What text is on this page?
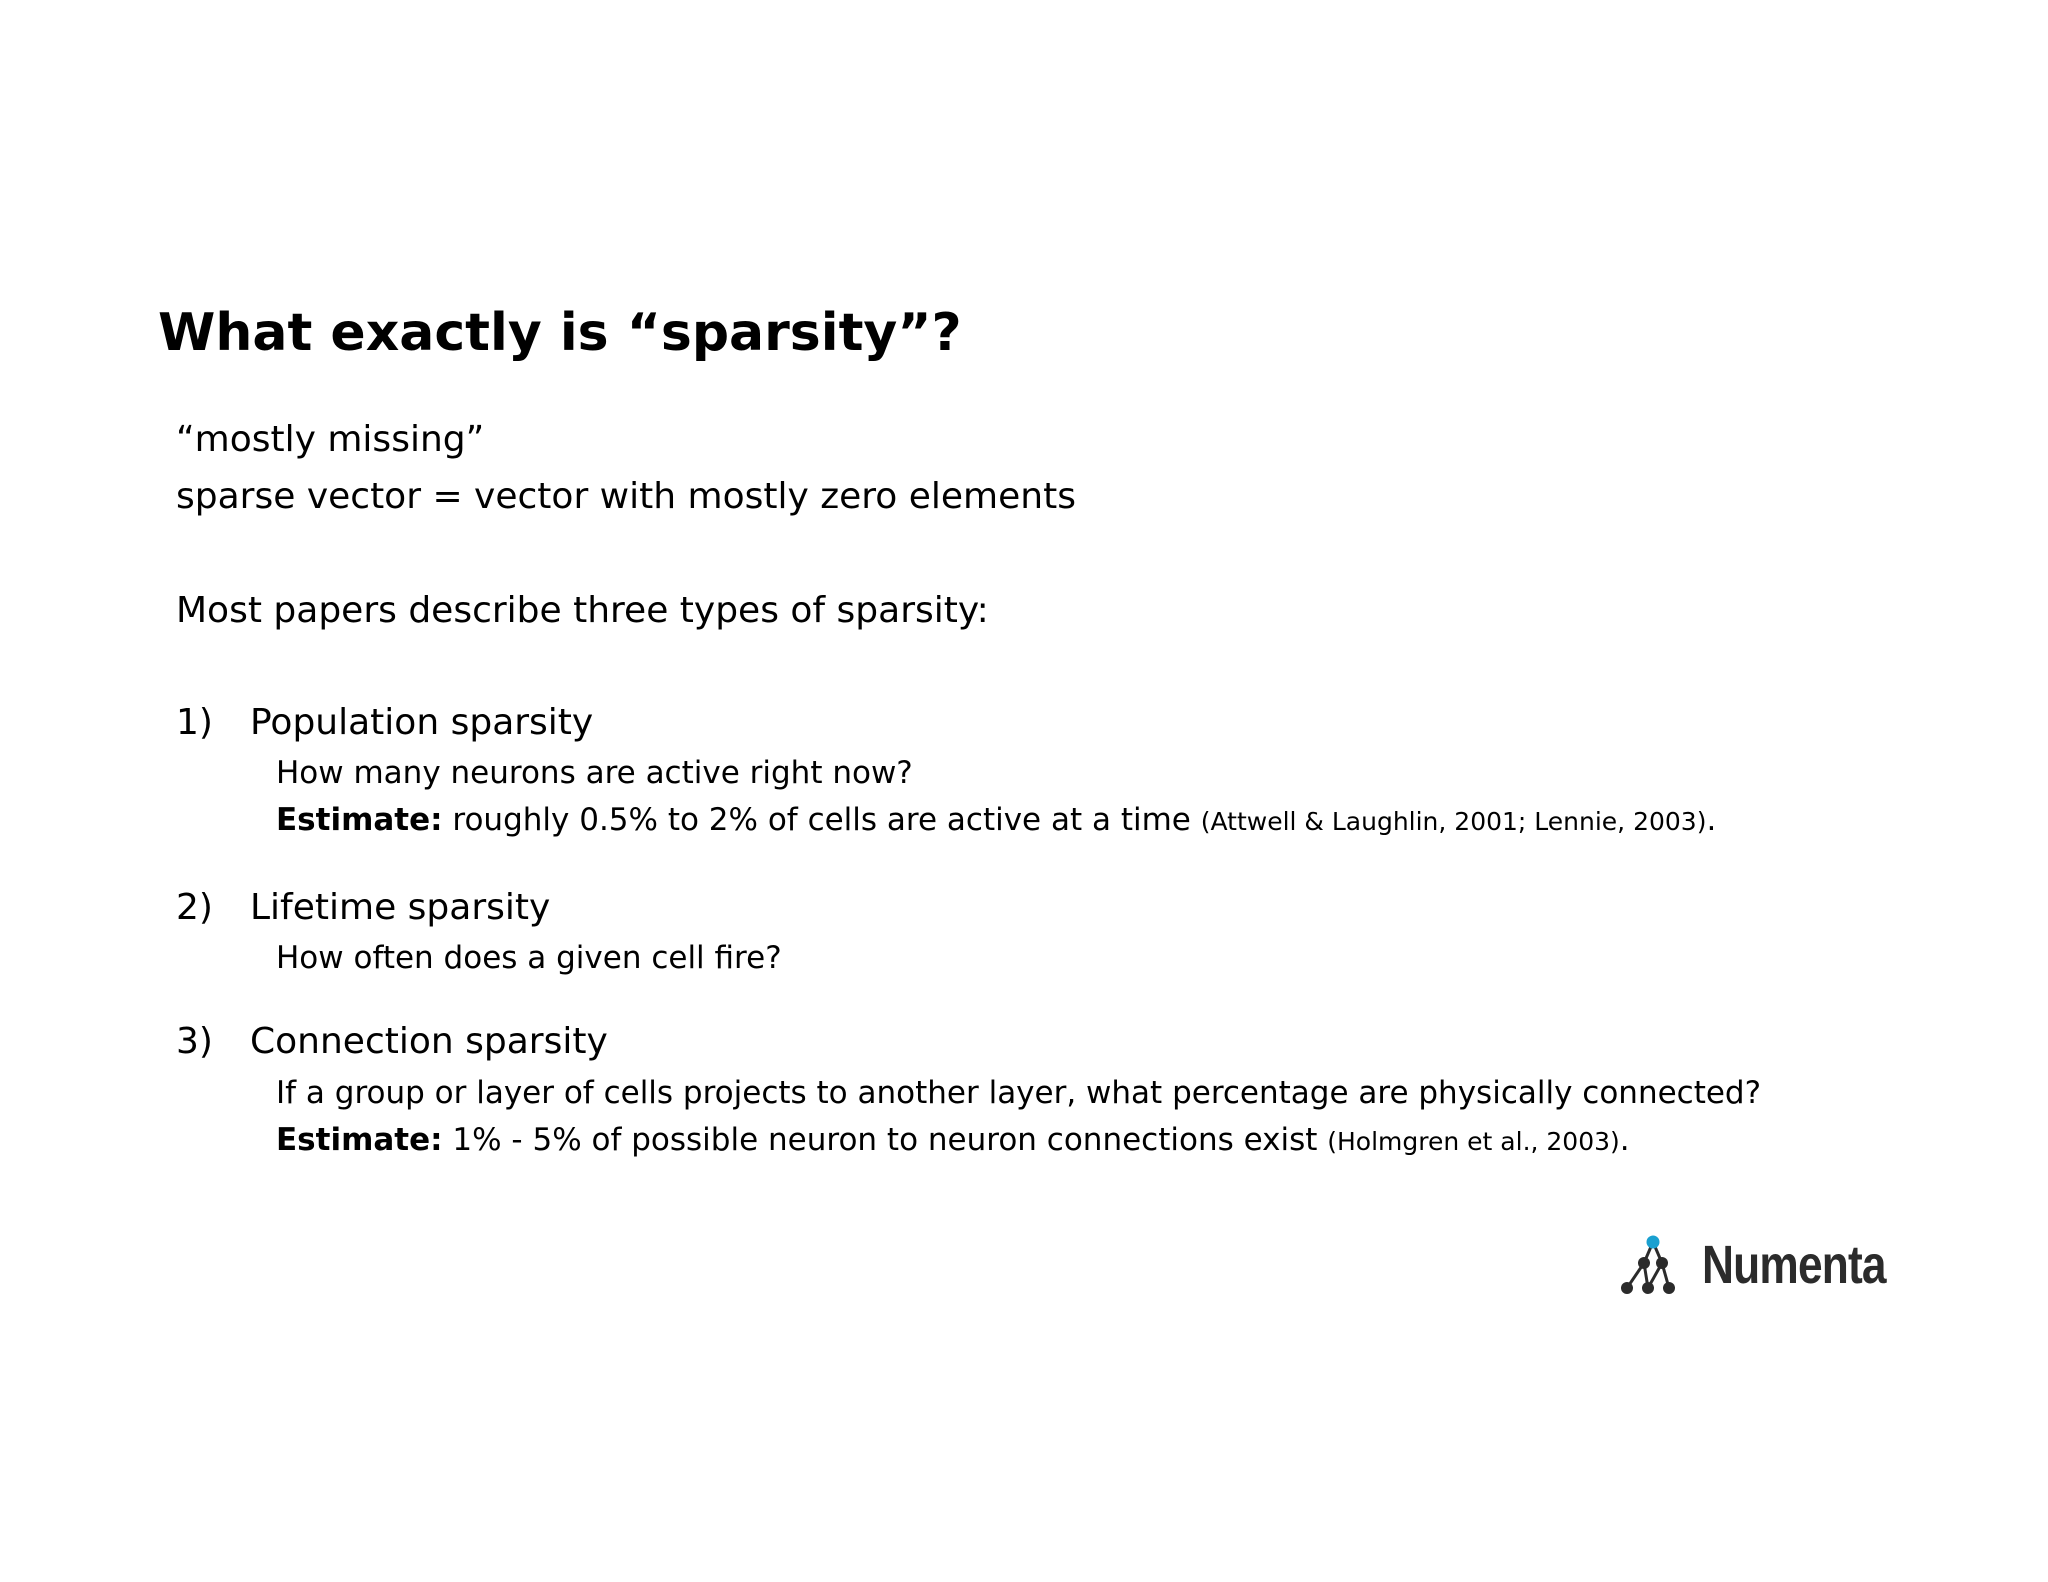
What exactly is “sparsity”?
“mostly missing”
sparse vector = vector with mostly zero elements
Most papers describe three types of sparsity:
1) Population sparsity
How many neurons are active right now?
Estimate: roughly 0.5% to 2% of cells are active at a time (Attwell & Laughlin, 2001; Lennie, 2003).
2) Lifetime sparsity
How often does a given cell fire?
3) Connection sparsity
If a group or layer of cells projects to another layer, what percentage are physically connected?
Estimate: 1% - 5% of possible neuron to neuron connections exist (Holmgren et al., 2003).
Numenta
